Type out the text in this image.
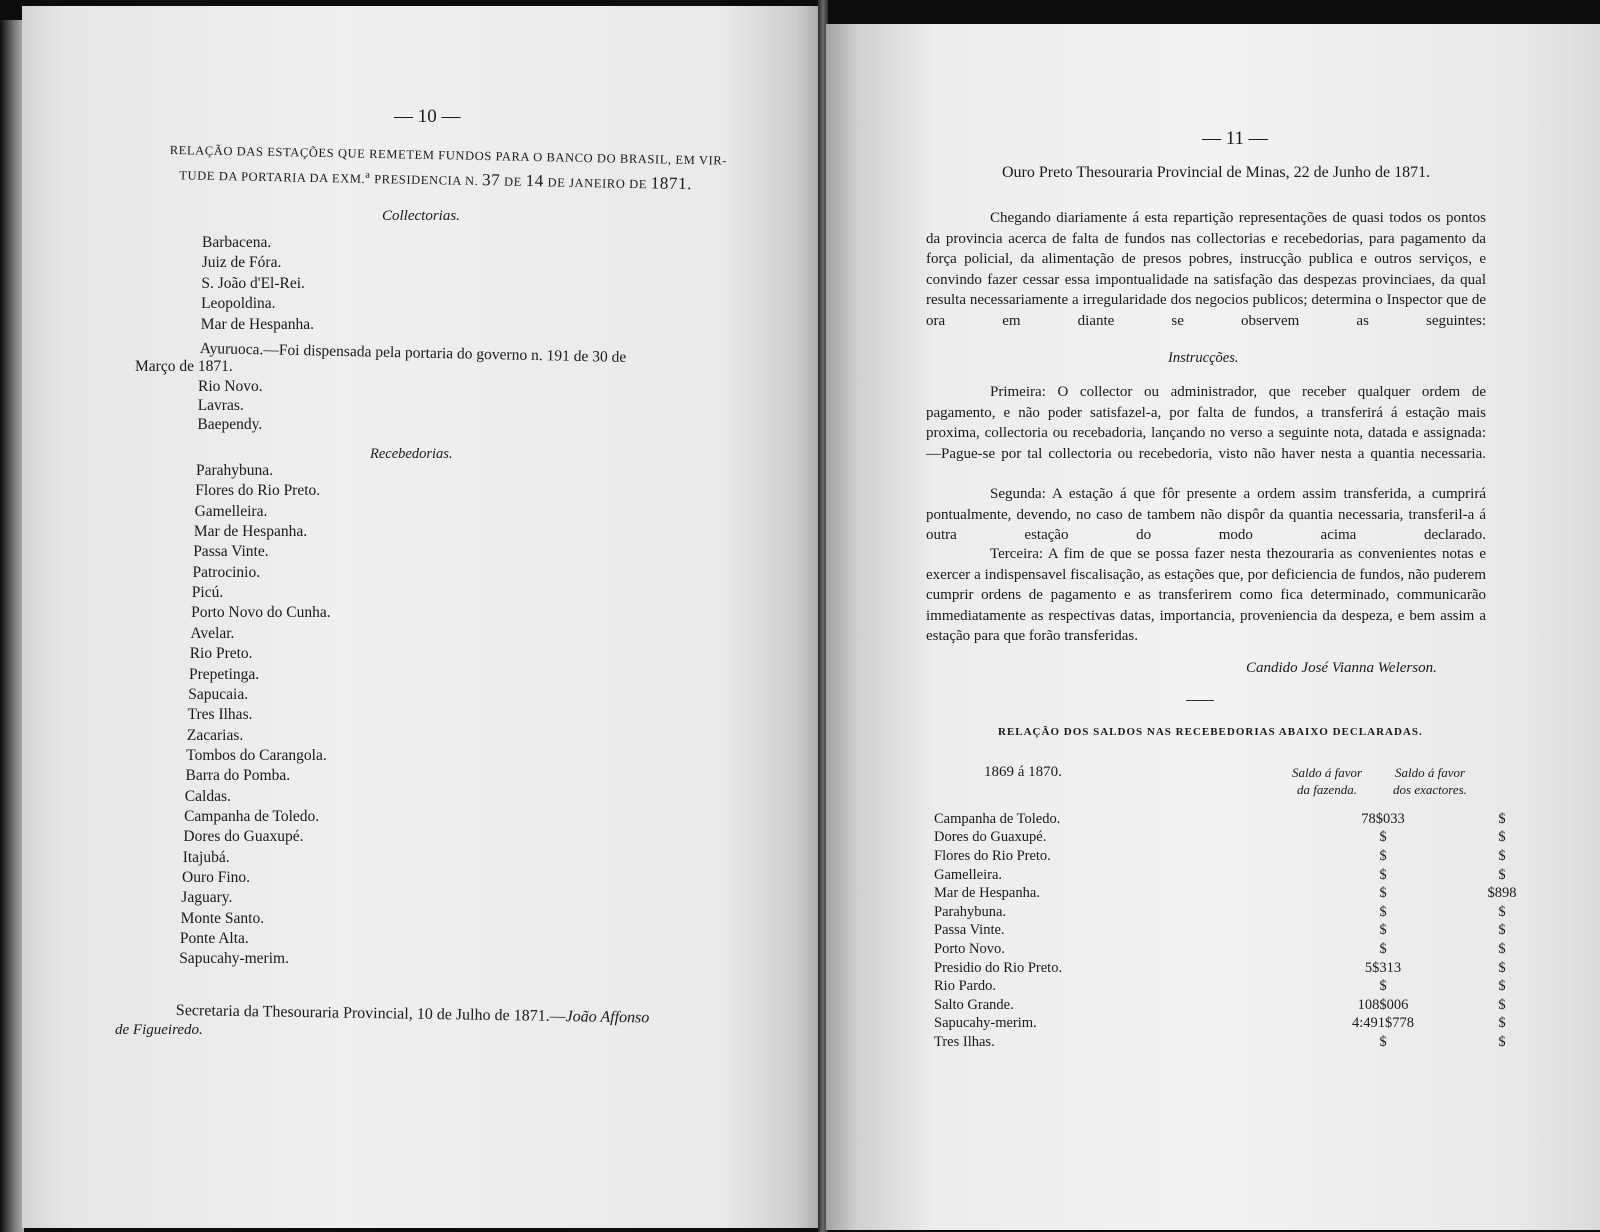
— 10 —
RELAÇÃO DAS ESTAÇÕES QUE REMETEM FUNDOS PARA O BANCO DO BRASIL, EM VIR-
TUDE DA PORTARIA DA EXM.$^a$ PRESIDENCIA N. 37 DE 14 DE JANEIRO DE 1871.
Collectorias.
Barbacena.
Juiz de Fóra.
S. João d'El-Rei.
Leopoldina.
Mar de Hespanha.
Ayuruoca.—Foi dispensada pela portaria do governo n. 191 de 30 de
Março de 1871.
Rio Novo.
Lavras.
Baependy.
Recebedorias.
Parahybuna.
Flores do Rio Preto.
Gamelleira.
Mar de Hespanha.
Passa Vinte.
Patrocinio.
Picú.
Porto Novo do Cunha.
Avelar.
Rio Preto.
Prepetinga.
Sapucaia.
Tres Ilhas.
Zacarias.
Tombos do Carangola.
Barra do Pomba.
Caldas.
Campanha de Toledo.
Dores do Guaxupé.
Itajubá.
Ouro Fino.
Jaguary.
Monte Santo.
Ponte Alta.
Sapucahy-merim.
Secretaria da Thesouraria Provincial, 10 de Julho de 1871.—João Affonso
de Figueiredo.
— 11 —
Ouro Preto Thesouraria Provincial de Minas, 22 de Junho de 1871.
Chegando diariamente á esta repartição representações de quasi todos os pontos da provincia acerca de falta de fundos nas collectorias e recebedorias, para pagamento da força policial, da alimentação de presos pobres, instrucção publica e outros serviços, e convindo fazer cessar essa impontualidade na satisfação das despezas provinciaes, da qual resulta necessariamente a irregularidade dos negocios publicos; determina o Inspector que de ora em diante se observem as seguintes:
Instrucções.
Primeira: O collector ou administrador, que receber qualquer ordem de pagamento, e não poder satisfazel-a, por falta de fundos, a transferirá á estação mais proxima, collectoria ou recebadoria, lançando no verso a seguinte nota, datada e assignada:—Pague-se por tal collectoria ou recebedoria, visto não haver nesta a quantia necessaria.
Segunda: A estação á que fôr presente a ordem assim transferida, a cumprirá pontualmente, devendo, no caso de tambem não dispôr da quantia necessaria, transferil-a á outra estação do modo acima declarado.
Terceira: A fim de que se possa fazer nesta thezouraria as convenientes notas e exercer a indispensavel fiscalisação, as estações que, por deficiencia de fundos, não puderem cumprir ordens de pagamento e as transferirem como fica determinado, communicarão immediatamente as respectivas datas, importancia, proveniencia da despeza, e bem assim a estação para que forão transferidas.
Candido José Vianna Welerson.
RELAÇÃO DOS SALDOS NAS RECEBEDORIAS ABAIXO DECLARADAS.
1869 á 1870.	Saldo á favor
da fazenda.
Saldo á favor
dos exactores.
Campanha de Toledo.	78$033	$
Dores do Guaxupé.	$	$
Flores do Rio Preto.	$	$
Gamelleira.	$	$
Mar de Hespanha.	$	$898
Parahybuna.	$	$
Passa Vinte.	$	$
Porto Novo.	$	$
Presidio do Rio Preto.	5$313	$
Rio Pardo.	$	$
Salto Grande.	108$006	$
Sapucahy-merim.	4:491$778	$
Tres Ilhas.	$	$
